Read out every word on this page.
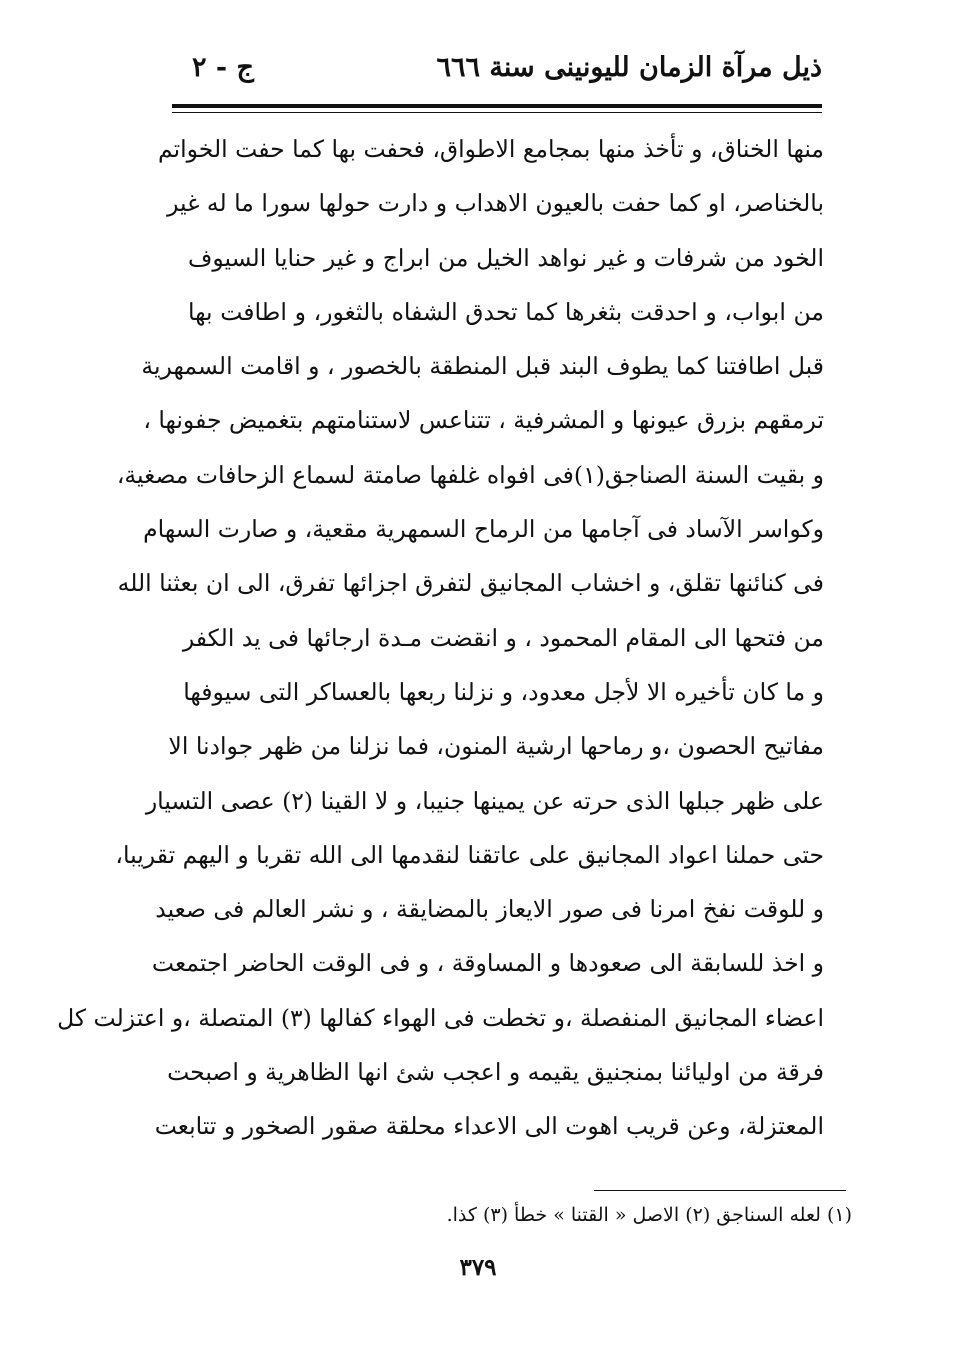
ذيل مرآة الزمان لليونينى سنة ٦٦٦
ج - ٢
منها الخناق، و تأخذ منها بمجامع الاطواق، فحفت بها كما حفت الخواتم
بالخناصر، او كما حفت بالعيون الاهداب و دارت حولها سورا ما له غير
الخود من شرفات و غير نواهد الخيل من ابراج و غير حنايا السيوف
من ابواب، و احدقت بثغرها كما تحدق الشفاه بالثغور، و اطافت بها
قبل اطافتنا كما يطوف البند قبل المنطقة بالخصور ، و اقامت السمهرية
ترمقهم بزرق عيونها و المشرفية ، تتناعس لاستنامتهم بتغميض جفونها ،
و بقيت السنة الصناجق(١)فى افواه غلفها صامتة لسماع الزحافات مصغية،
وكواسر الآساد فى آجامها من الرماح السمهرية مقعية، و صارت السهام
فى كنائنها تقلق، و اخشاب المجانيق لتفرق اجزائها تفرق، الى ان بعثنا الله
من فتحها الى المقام المحمود ، و انقضت مـدة ارجائها فى يد الكفر
و ما كان تأخيره الا لأجل معدود، و نزلنا ربعها بالعساكر التى سيوفها
مفاتيح الحصون ،و رماحها ارشية المنون، فما نزلنا من ظهر جوادنا الا
على ظهر جبلها الذى حرته عن يمينها جنيبا، و لا القينا (٢) عصى التسيار
حتى حملنا اعواد المجانيق على عاتقنا لنقدمها الى الله تقربا و اليهم تقريبا،
و للوقت نفخ امرنا فى صور الايعاز بالمضايقة ، و نشر العالم فى صعيد
و اخذ للسابقة الى صعودها و المساوقة ، و فى الوقت الحاضر اجتمعت
اعضاء المجانيق المنفصلة ،و تخطت فى الهواء كفالها (٣) المتصلة ،و اعتزلت كل
فرقة من اوليائنا بمنجنيق يقيمه و اعجب شئ انها الظاهرية و اصبحت
المعتزلة، وعن قريب اهوت الى الاعداء محلقة صقور الصخور و تتابعت
(١) لعله السناجق (٢) الاصل « القتنا » خطأ (٣) كذا.
٣٧٩
